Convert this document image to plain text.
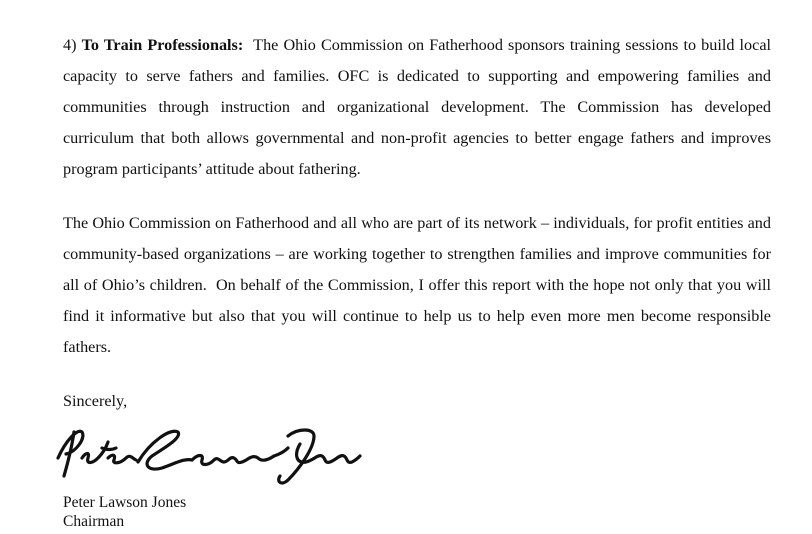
4) To Train Professionals:  The Ohio Commission on Fatherhood sponsors training sessions to build local capacity to serve fathers and families. OFC is dedicated to supporting and empowering families and communities through instruction and organizational development. The Commission has developed curriculum that both allows governmental and non-profit agencies to better engage fathers and improves program participants’ attitude about fathering.

The Ohio Commission on Fatherhood and all who are part of its network – individuals, for profit entities and community-based organizations – are working together to strengthen families and improve communities for all of Ohio’s children.  On behalf of the Commission, I offer this report with the hope not only that you will find it informative but also that you will continue to help us to help even more men become responsible fathers.

Sincerely,

Peter Lawson Jones
Chairman
